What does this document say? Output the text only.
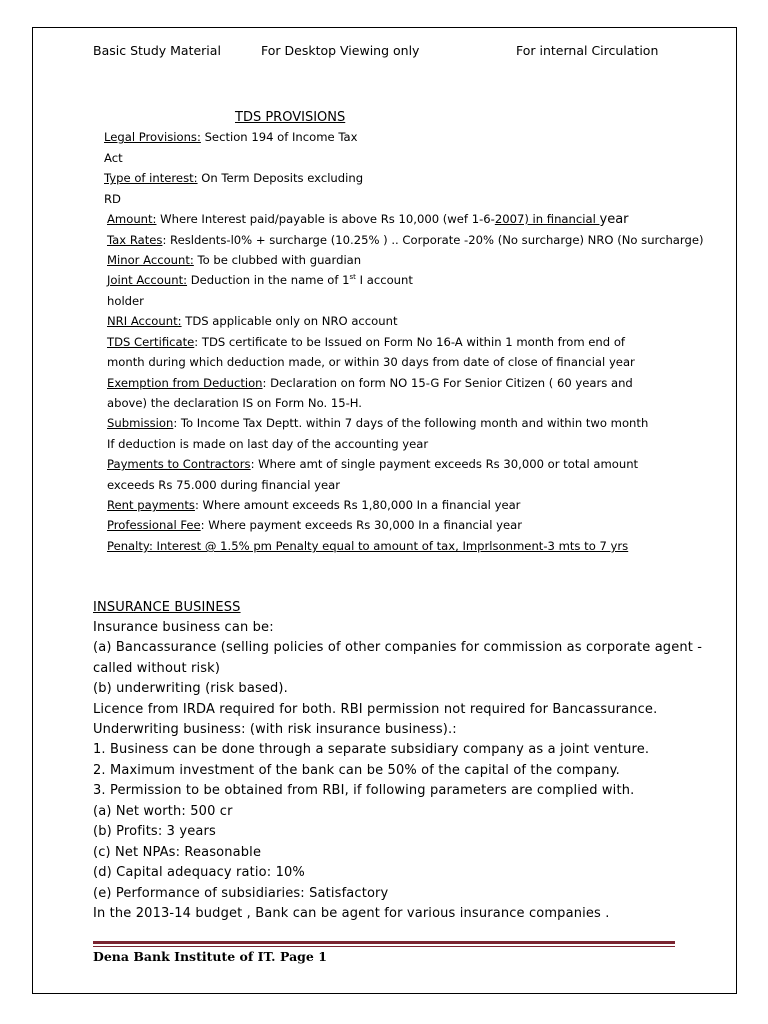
Basic Study Material	For Desktop Viewing only	For internal Circulation
TDS PROVISIONS
Legal Provisions: Section 194 of Income Tax
Act
Type of interest: On Term Deposits excluding
RD
Amount: Where Interest paid/payable is above Rs 10,000 (wef 1-6-2007) in financial year
Tax Rates: Resldents-l0% + surcharge (10.25% ) .. Corporate -20% (No surcharge) NRO (No surcharge)
Minor Account: To be clubbed with guardian
Joint Account: Deduction in the name of 1st I account
holder
NRI Account: TDS applicable only on NRO account
TDS Certificate: TDS certificate to be Issued on Form No 16-A within 1 month from end of
month during which deduction made, or within 30 days from date of close of financial year
Exemption from Deduction: Declaration on form NO 15-G For Senior Citizen ( 60 years and
above) the declaration IS on Form No. 15-H.
Submission: To Income Tax Deptt. within 7 days of the following month and within two month
If deduction is made on last day of the accounting year
Payments to Contractors: Where amt of single payment exceeds Rs 30,000 or total amount
exceeds Rs 75.000 during financial year
Rent payments: Where amount exceeds Rs 1,80,000 In a financial year
Professional Fee: Where payment exceeds Rs 30,000 In a financial year
Penalty: Interest @ 1.5% pm Penalty equal to amount of tax, Imprlsonment-3 mts to 7 yrs
INSURANCE BUSINESS
Insurance business can be:
(a) Bancassurance (selling policies of other companies for commission as corporate agent -
called without risk)
(b) underwriting (risk based).
Licence from IRDA required for both. RBI permission not required for Bancassurance.
Underwriting business: (with risk insurance business).:
1. Business can be done through a separate subsidiary company as a joint venture.
2. Maximum investment of the bank can be 50% of the capital of the company.
3. Permission to be obtained from RBI, if following parameters are complied with.
(a) Net worth: 500 cr
(b) Profits: 3 years
(c) Net NPAs: Reasonable
(d) Capital adequacy ratio: 10%
(e) Performance of subsidiaries: Satisfactory
In the 2013-14 budget , Bank can be agent for various insurance companies .
Dena Bank Institute of IT. Page 1
